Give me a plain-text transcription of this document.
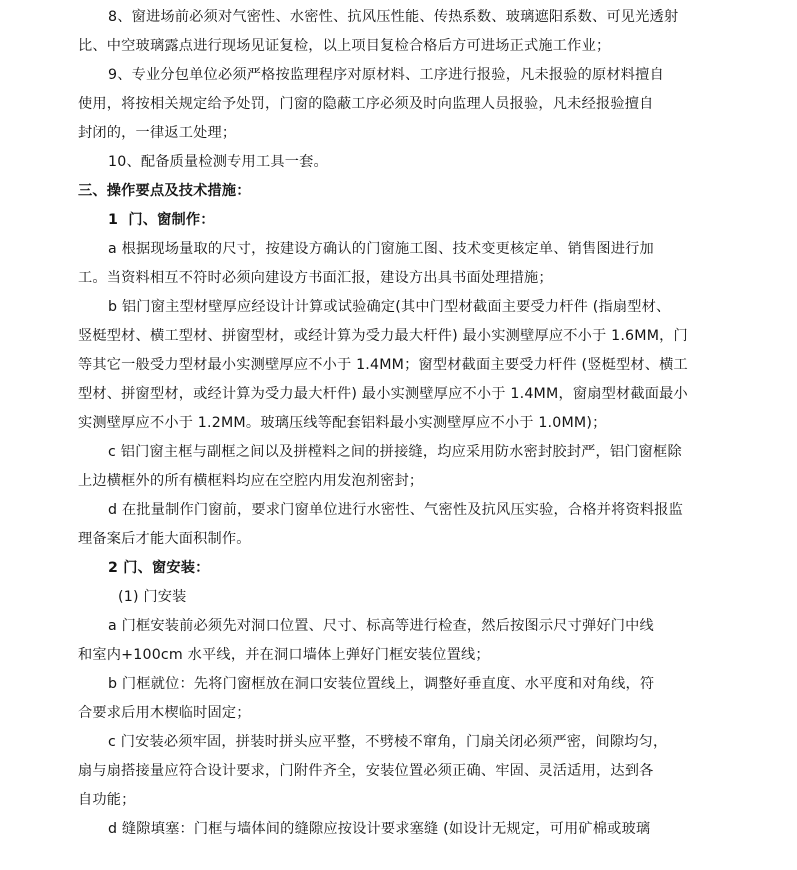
8、窗进场前必须对气密性、水密性、抗风压性能、传热系数、玻璃遮阳系数、可见光透射
比、中空玻璃露点进行现场见证复检，以上项目复检合格后方可进场正式施工作业；
9、专业分包单位必须严格按监理程序对原材料、工序进行报验，凡未报验的原材料擅自
使用，将按相关规定给予处罚，门窗的隐蔽工序必须及时向监理人员报验，凡未经报验擅自
封闭的，一律返工处理；
10、配备质量检测专用工具一套。
三、操作要点及技术措施：
1  门、窗制作：
a 根据现场量取的尺寸，按建设方确认的门窗施工图、技术变更核定单、销售图进行加
工。当资料相互不符时必须向建设方书面汇报，建设方出具书面处理措施；
b 铝门窗主型材壁厚应经设计计算或试验确定(其中门型材截面主要受力杆件 (指扇型材、
竖梃型材、横工型材、拼窗型材，或经计算为受力最大杆件) 最小实测壁厚应不小于 1.6MM，门
等其它一般受力型材最小实测壁厚应不小于 1.4MM；窗型材截面主要受力杆件 (竖梃型材、横工
型材、拼窗型材，或经计算为受力最大杆件) 最小实测壁厚应不小于 1.4MM，窗扇型材截面最小
实测壁厚应不小于 1.2MM。玻璃压线等配套铝料最小实测壁厚应不小于 1.0MM)；
c 铝门窗主框与副框之间以及拼樘料之间的拼接缝，均应采用防水密封胶封严，铝门窗框除
上边横框外的所有横框料均应在空腔内用发泡剂密封；
d 在批量制作门窗前，要求门窗单位进行水密性、气密性及抗风压实验，合格并将资料报监
理备案后才能大面积制作。
2 门、窗安装：
(1) 门安装
a 门框安装前必须先对洞口位置、尺寸、标高等进行检查，然后按图示尺寸弹好门中线
和室内+100cm 水平线，并在洞口墙体上弹好门框安装位置线；
b 门框就位：先将门窗框放在洞口安装位置线上，调整好垂直度、水平度和对角线，符
合要求后用木楔临时固定；
c 门安装必须牢固，拼装时拼头应平整，不劈棱不窜角，门扇关闭必须严密，间隙均匀，
扇与扇搭接量应符合设计要求，门附件齐全，安装位置必须正确、牢固、灵活适用，达到各
自功能；
d 缝隙填塞：门框与墙体间的缝隙应按设计要求塞缝 (如设计无规定，可用矿棉或玻璃
